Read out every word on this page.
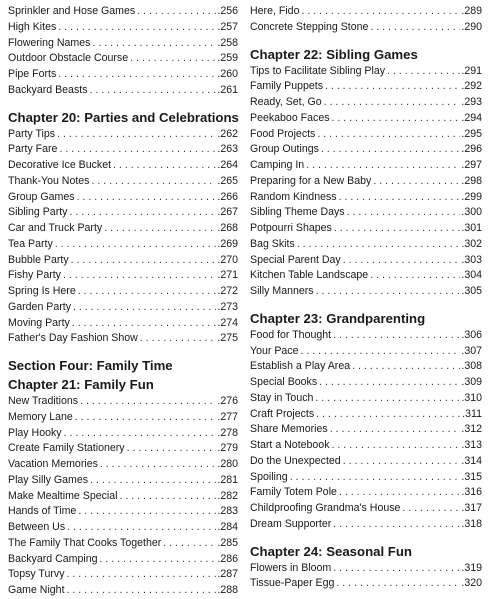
Sprinkler and Hose Games . . .	.256
High Kites . . .	.257
Flowering Names . . .	.258
Outdoor Obstacle Course . . .	.259
Pipe Forts . . .	.260
Backyard Beasts . . .	.261
Chapter 20: Parties and Celebrations
Party Tips . . .	.262
Party Fare . . .	.263
Decorative Ice Bucket . . .	.264
Thank-You Notes . . .	.265
Group Games . . .	.266
Sibling Party . . .	.267
Car and Truck Party . . .	.268
Tea Party . . .	.269
Bubble Party . . .	.270
Fishy Party . . .	.271
Spring Is Here . . .	.272
Garden Party . . .	.273
Moving Party . . .	.274
Father's Day Fashion Show . . .	.275
Section Four: Family Time
Chapter 21: Family Fun
New Traditions . . .	.276
Memory Lane . . .	.277
Play Hooky . . .	.278
Create Family Stationery . . .	.279
Vacation Memories . . .	.280
Play Silly Games . . .	.281
Make Mealtime Special . . .	.282
Hands of Time . . .	.283
Between Us . . .	.284
The Family That Cooks Together . . .	.285
Backyard Camping . . .	.286
Topsy Turvy . . .	.287
Game Night . . .	.288
Here, Fido . . .	.289
Concrete Stepping Stone . . .	.290
Chapter 22: Sibling Games
Tips to Facilitate Sibling Play . . .	.291
Family Puppets . . .	.292
Ready, Set, Go . . .	.293
Peekaboo Faces . . .	.294
Food Projects . . .	.295
Group Outings . . .	.296
Camping In . . .	.297
Preparing for a New Baby . . .	.298
Random Kindness . . .	.299
Sibling Theme Days . . .	.300
Potpourri Shapes . . .	.301
Bag Skits . . .	.302
Special Parent Day . . .	.303
Kitchen Table Landscape . . .	.304
Silly Manners . . .	.305
Chapter 23: Grandparenting
Food for Thought . . .	.306
Your Pace . . .	.307
Establish a Play Area . . .	.308
Special Books . . .	.309
Stay in Touch . . .	.310
Craft Projects . . .	.311
Share Memories . . .	.312
Start a Notebook . . .	.313
Do the Unexpected . . .	.314
Spoiling . . .	.315
Family Totem Pole . . .	.316
Childproofing Grandma's House . . .	.317
Dream Supporter . . .	.318
Chapter 24: Seasonal Fun
Flowers in Bloom . . .	.319
Tissue-Paper Egg . . .	.320
